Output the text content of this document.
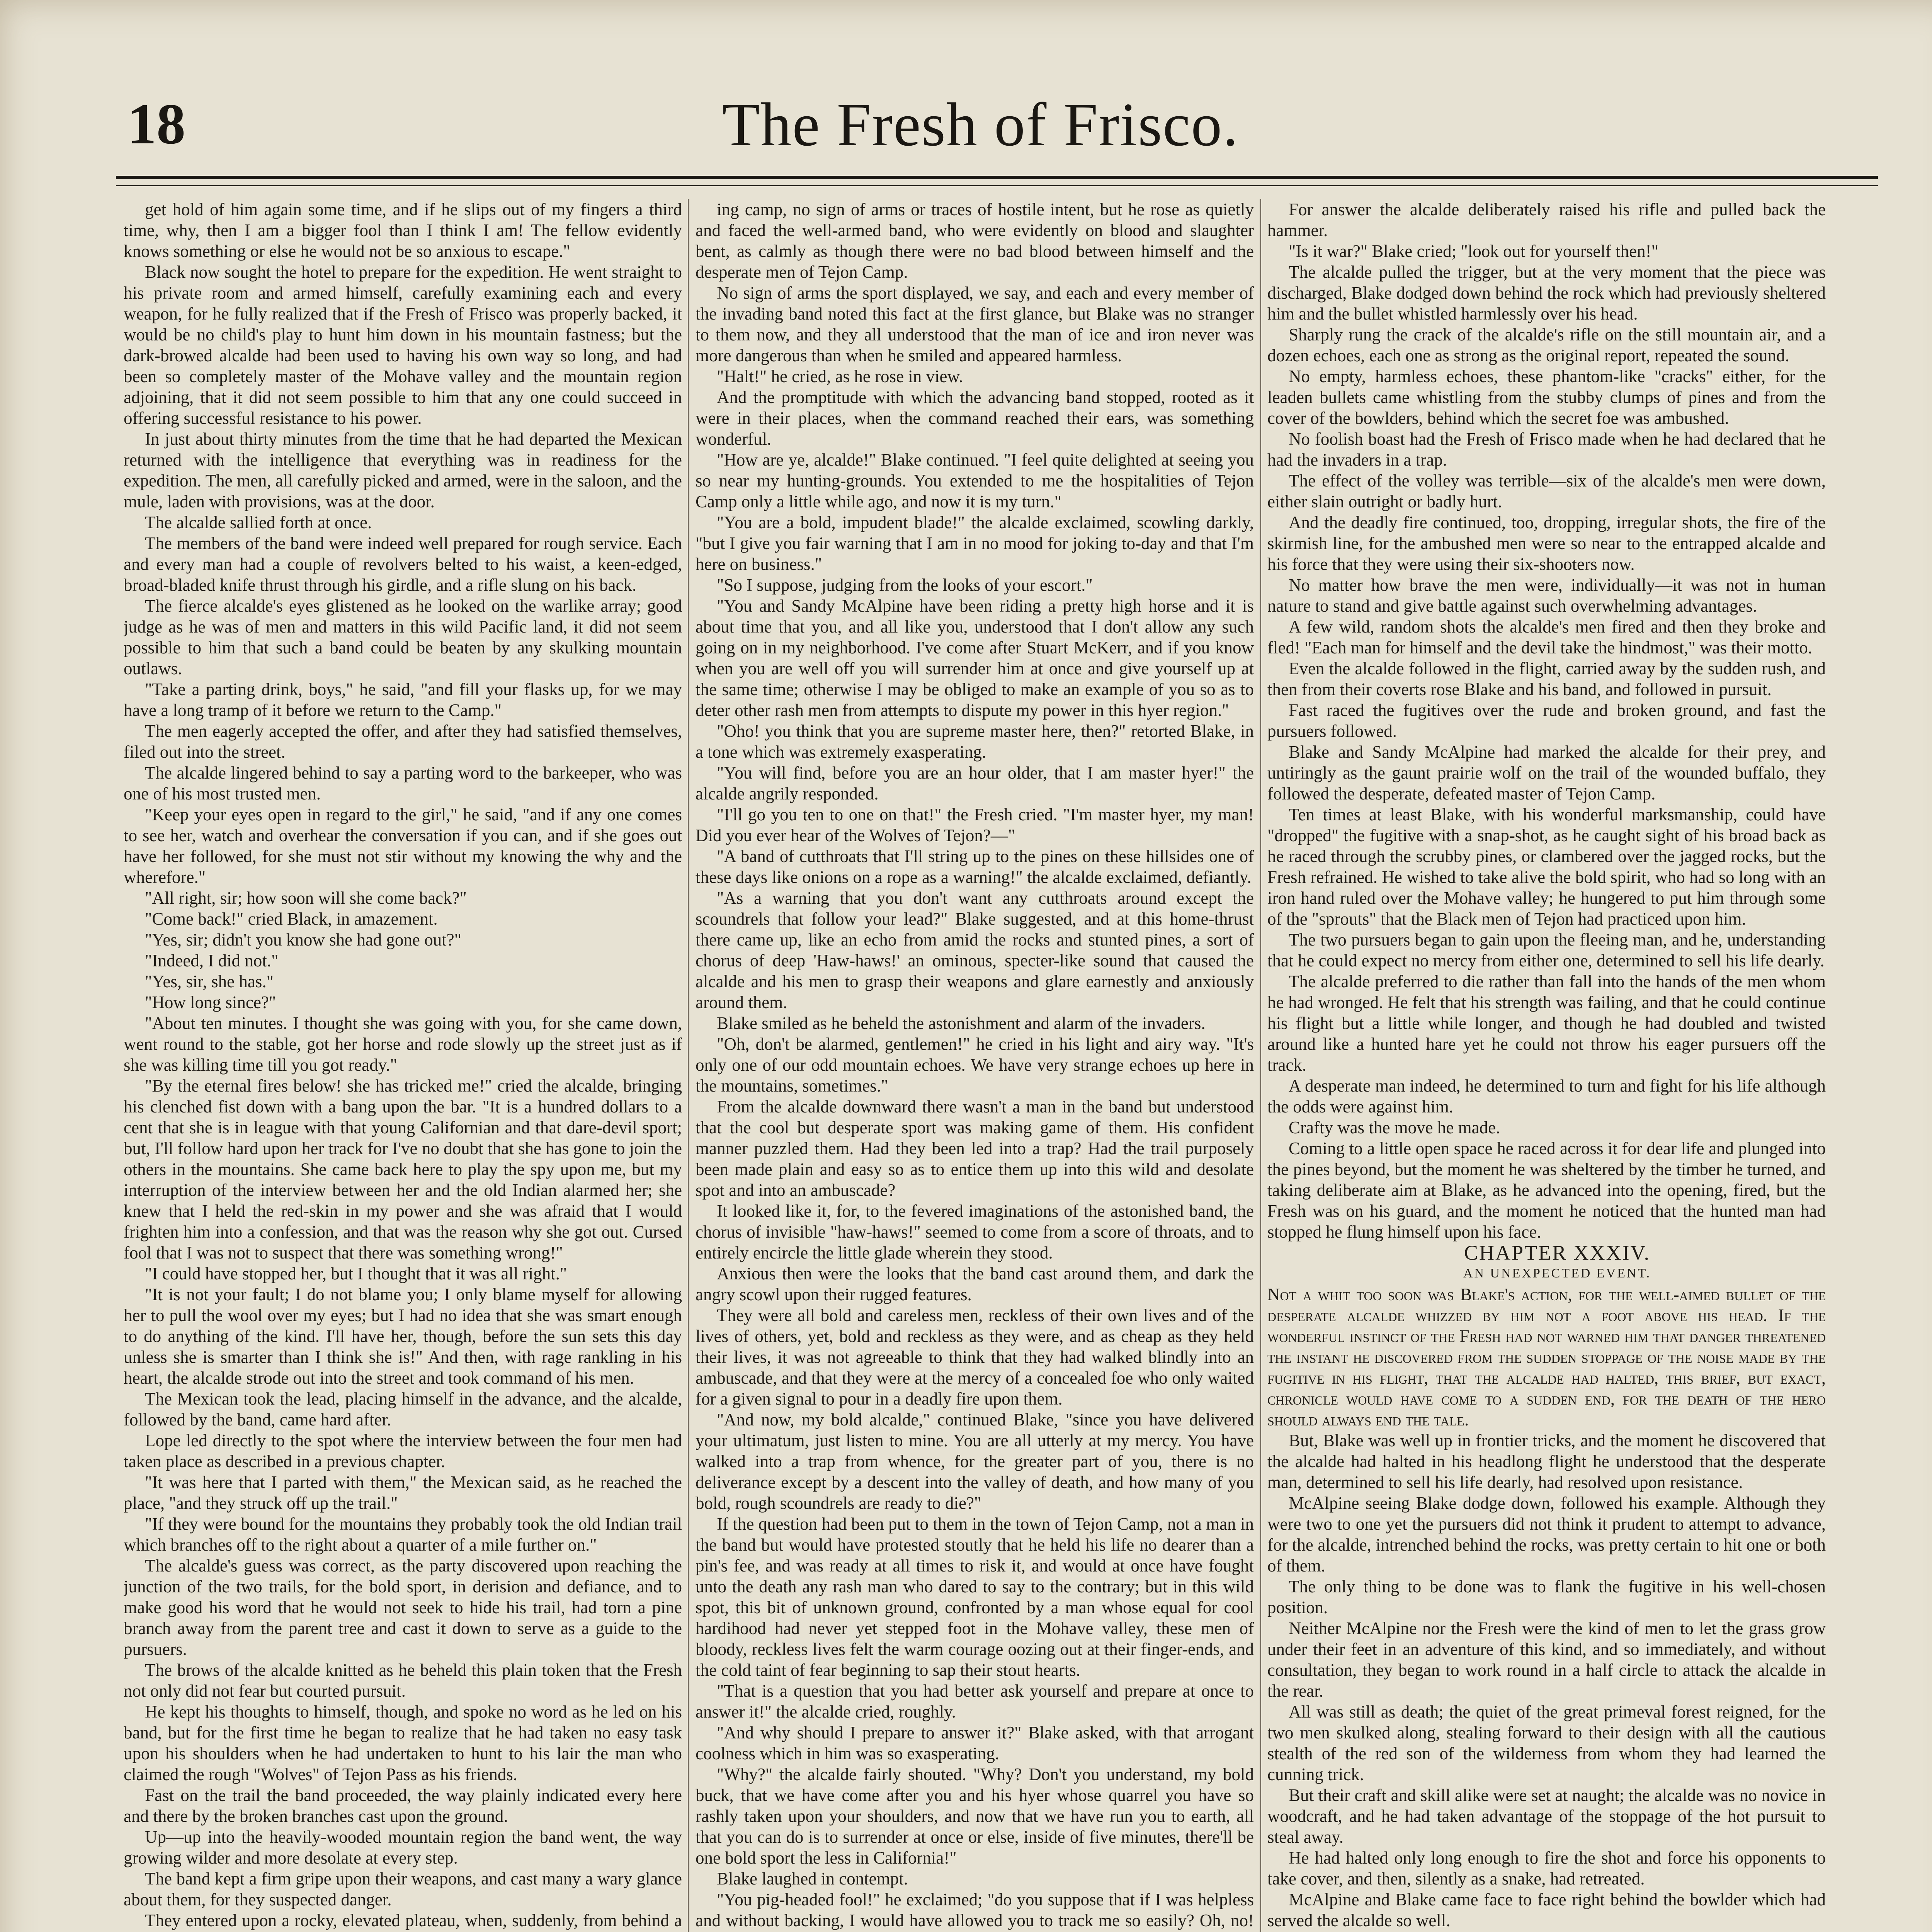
18	The Fresh of Frisco.

get hold of him again some time, and if he slips out of my fingers a third time, why, then I am a bigger fool than I think I am! The fellow evidently knows something or else he would not be so anxious to escape."

Black now sought the hotel to prepare for the expedition. He went straight to his private room and armed himself, carefully examining each and every weapon, for he fully realized that if the Fresh of Frisco was properly backed, it would be no child's play to hunt him down in his mountain fastness; but the dark-browed alcalde had been used to having his own way so long, and had been so completely master of the Mohave valley and the mountain region adjoining, that it did not seem possible to him that any one could succeed in offering successful resistance to his power.

In just about thirty minutes from the time that he had departed the Mexican returned with the intelligence that everything was in readiness for the expedition. The men, all carefully picked and armed, were in the saloon, and the mule, laden with provisions, was at the door.

The alcalde sallied forth at once.

The members of the band were indeed well prepared for rough service. Each and every man had a couple of revolvers belted to his waist, a keen-edged, broad-bladed knife thrust through his girdle, and a rifle slung on his back.

The fierce alcalde's eyes glistened as he looked on the warlike array; good judge as he was of men and matters in this wild Pacific land, it did not seem possible to him that such a band could be beaten by any skulking mountain outlaws.

"Take a parting drink, boys," he said, "and fill your flasks up, for we may have a long tramp of it before we return to the Camp."

The men eagerly accepted the offer, and after they had satisfied themselves, filed out into the street.

The alcalde lingered behind to say a parting word to the barkeeper, who was one of his most trusted men.

"Keep your eyes open in regard to the girl," he said, "and if any one comes to see her, watch and overhear the conversation if you can, and if she goes out have her followed, for she must not stir without my knowing the why and the wherefore."

"All right, sir; how soon will she come back?"

"Come back!" cried Black, in amazement.

"Yes, sir; didn't you know she had gone out?"

"Indeed, I did not."

"Yes, sir, she has."

"How long since?"

"About ten minutes. I thought she was going with you, for she came down, went round to the stable, got her horse and rode slowly up the street just as if she was killing time till you got ready."

"By the eternal fires below! she has tricked me!" cried the alcalde, bringing his clenched fist down with a bang upon the bar. "It is a hundred dollars to a cent that she is in league with that young Californian and that dare-devil sport; but, I'll follow hard upon her track for I've no doubt that she has gone to join the others in the mountains. She came back here to play the spy upon me, but my interruption of the interview between her and the old Indian alarmed her; she knew that I held the red-skin in my power and she was afraid that I would frighten him into a confession, and that was the reason why she got out. Cursed fool that I was not to suspect that there was something wrong!"

"I could have stopped her, but I thought that it was all right."

"It is not your fault; I do not blame you; I only blame myself for allowing her to pull the wool over my eyes; but I had no idea that she was smart enough to do anything of the kind. I'll have her, though, before the sun sets this day unless she is smarter than I think she is!" And then, with rage rankling in his heart, the alcalde strode out into the street and took command of his men.

The Mexican took the lead, placing himself in the advance, and the alcalde, followed by the band, came hard after.

Lope led directly to the spot where the interview between the four men had taken place as described in a previous chapter.

"It was here that I parted with them," the Mexican said, as he reached the place, "and they struck off up the trail."

"If they were bound for the mountains they probably took the old Indian trail which branches off to the right about a quarter of a mile further on."

The alcalde's guess was correct, as the party discovered upon reaching the junction of the two trails, for the bold sport, in derision and defiance, and to make good his word that he would not seek to hide his trail, had torn a pine branch away from the parent tree and cast it down to serve as a guide to the pursuers.

The brows of the alcalde knitted as he beheld this plain token that the Fresh not only did not fear but courted pursuit.

He kept his thoughts to himself, though, and spoke no word as he led on his band, but for the first time he began to realize that he had taken no easy task upon his shoulders when he had undertaken to hunt to his lair the man who claimed the rough "Wolves" of Tejon Pass as his friends.

Fast on the trail the band proceeded, the way plainly indicated every here and there by the broken branches cast upon the ground.

Up—up into the heavily-wooded mountain region the band went, the way growing wilder and more desolate at every step.

The band kept a firm gripe upon their weapons, and cast many a wary glance about them, for they suspected danger.

They entered upon a rocky, elevated plateau, when, suddenly, from behind a

ing camp, no sign of arms or traces of hostile intent, but he rose as quietly and faced the well-armed band, who were evidently on blood and slaughter bent, as calmly as though there were no bad blood between himself and the desperate men of Tejon Camp.

No sign of arms the sport displayed, we say, and each and every member of the invading band noted this fact at the first glance, but Blake was no stranger to them now, and they all understood that the man of ice and iron never was more dangerous than when he smiled and appeared harmless.

"Halt!" he cried, as he rose in view.

And the promptitude with which the advancing band stopped, rooted as it were in their places, when the command reached their ears, was something wonderful.

"How are ye, alcalde!" Blake continued. "I feel quite delighted at seeing you so near my hunting-grounds. You extended to me the hospitalities of Tejon Camp only a little while ago, and now it is my turn."

"You are a bold, impudent blade!" the alcalde exclaimed, scowling darkly, "but I give you fair warning that I am in no mood for joking to-day and that I'm here on business."

"So I suppose, judging from the looks of your escort."

"You and Sandy McAlpine have been riding a pretty high horse and it is about time that you, and all like you, understood that I don't allow any such going on in my neighborhood. I've come after Stuart McKerr, and if you know when you are well off you will surrender him at once and give yourself up at the same time; otherwise I may be obliged to make an example of you so as to deter other rash men from attempts to dispute my power in this hyer region."

"Oho! you think that you are supreme master here, then?" retorted Blake, in a tone which was extremely exasperating.

"You will find, before you are an hour older, that I am master hyer!" the alcalde angrily responded.

"I'll go you ten to one on that!" the Fresh cried. "I'm master hyer, my man! Did you ever hear of the Wolves of Tejon?—"

"A band of cutthroats that I'll string up to the pines on these hillsides one of these days like onions on a rope as a warning!" the alcalde exclaimed, defiantly.

"As a warning that you don't want any cutthroats around except the scoundrels that follow your lead?" Blake suggested, and at this home-thrust there came up, like an echo from amid the rocks and stunted pines, a sort of chorus of deep 'Haw-haws!' an ominous, specter-like sound that caused the alcalde and his men to grasp their weapons and glare earnestly and anxiously around them.

Blake smiled as he beheld the astonishment and alarm of the invaders.

"Oh, don't be alarmed, gentlemen!" he cried in his light and airy way. "It's only one of our odd mountain echoes. We have very strange echoes up here in the mountains, sometimes."

From the alcalde downward there wasn't a man in the band but understood that the cool but desperate sport was making game of them. His confident manner puzzled them. Had they been led into a trap? Had the trail purposely been made plain and easy so as to entice them up into this wild and desolate spot and into an ambuscade?

It looked like it, for, to the fevered imaginations of the astonished band, the chorus of invisible "haw-haws!" seemed to come from a score of throats, and to entirely encircle the little glade wherein they stood.

Anxious then were the looks that the band cast around them, and dark the angry scowl upon their rugged features.

They were all bold and careless men, reckless of their own lives and of the lives of others, yet, bold and reckless as they were, and as cheap as they held their lives, it was not agreeable to think that they had walked blindly into an ambuscade, and that they were at the mercy of a concealed foe who only waited for a given signal to pour in a deadly fire upon them.

"And now, my bold alcalde," continued Blake, "since you have delivered your ultimatum, just listen to mine. You are all utterly at my mercy. You have walked into a trap from whence, for the greater part of you, there is no deliverance except by a descent into the valley of death, and how many of you bold, rough scoundrels are ready to die?"

If the question had been put to them in the town of Tejon Camp, not a man in the band but would have protested stoutly that he held his life no dearer than a pin's fee, and was ready at all times to risk it, and would at once have fought unto the death any rash man who dared to say to the contrary; but in this wild spot, this bit of unknown ground, confronted by a man whose equal for cool hardihood had never yet stepped foot in the Mohave valley, these men of bloody, reckless lives felt the warm courage oozing out at their finger-ends, and the cold taint of fear beginning to sap their stout hearts.

"That is a question that you had better ask yourself and prepare at once to answer it!" the alcalde cried, roughly.

"And why should I prepare to answer it?" Blake asked, with that arrogant coolness which in him was so exasperating.

"Why?" the alcalde fairly shouted. "Why? Don't you understand, my bold buck, that we have come after you and his hyer whose quarrel you have so rashly taken upon your shoulders, and now that we have run you to earth, all that you can do is to surrender at once or else, inside of five minutes, there'll be one bold sport the less in California!"

Blake laughed in contempt.

"You pig-headed fool!" he exclaimed; "do you suppose that if I was helpless and without backing, I would have allowed you to track me so easily? Oh, no!

For answer the alcalde deliberately raised his rifle and pulled back the hammer.

"Is it war?" Blake cried; "look out for yourself then!"

The alcalde pulled the trigger, but at the very moment that the piece was discharged, Blake dodged down behind the rock which had previously sheltered him and the bullet whistled harmlessly over his head.

Sharply rung the crack of the alcalde's rifle on the still mountain air, and a dozen echoes, each one as strong as the original report, repeated the sound.

No empty, harmless echoes, these phantom-like "cracks" either, for the leaden bullets came whistling from the stubby clumps of pines and from the cover of the bowlders, behind which the secret foe was ambushed.

No foolish boast had the Fresh of Frisco made when he had declared that he had the invaders in a trap.

The effect of the volley was terrible—six of the alcalde's men were down, either slain outright or badly hurt.

And the deadly fire continued, too, dropping, irregular shots, the fire of the skirmish line, for the ambushed men were so near to the entrapped alcalde and his force that they were using their six-shooters now.

No matter how brave the men were, individually—it was not in human nature to stand and give battle against such overwhelming advantages.

A few wild, random shots the alcalde's men fired and then they broke and fled! "Each man for himself and the devil take the hindmost," was their motto.

Even the alcalde followed in the flight, carried away by the sudden rush, and then from their coverts rose Blake and his band, and followed in pursuit.

Fast raced the fugitives over the rude and broken ground, and fast the pursuers followed.

Blake and Sandy McAlpine had marked the alcalde for their prey, and untiringly as the gaunt prairie wolf on the trail of the wounded buffalo, they followed the desperate, defeated master of Tejon Camp.

Ten times at least Blake, with his wonderful marksmanship, could have "dropped" the fugitive with a snap-shot, as he caught sight of his broad back as he raced through the scrubby pines, or clambered over the jagged rocks, but the Fresh refrained. He wished to take alive the bold spirit, who had so long with an iron hand ruled over the Mohave valley; he hungered to put him through some of the "sprouts" that the Black men of Tejon had practiced upon him.

The two pursuers began to gain upon the fleeing man, and he, understanding that he could expect no mercy from either one, determined to sell his life dearly.

The alcalde preferred to die rather than fall into the hands of the men whom he had wronged. He felt that his strength was failing, and that he could continue his flight but a little while longer, and though he had doubled and twisted around like a hunted hare yet he could not throw his eager pursuers off the track.

A desperate man indeed, he determined to turn and fight for his life although the odds were against him.

Crafty was the move he made.

Coming to a little open space he raced across it for dear life and plunged into the pines beyond, but the moment he was sheltered by the timber he turned, and taking deliberate aim at Blake, as he advanced into the opening, fired, but the Fresh was on his guard, and the moment he noticed that the hunted man had stopped he flung himself upon his face.

CHAPTER XXXIV.

AN UNEXPECTED EVENT.

Not a whit too soon was Blake's action, for the well-aimed bullet of the desperate alcalde whizzed by him not a foot above his head. If the wonderful instinct of the Fresh had not warned him that danger threatened the instant he discovered from the sudden stoppage of the noise made by the fugitive in his flight, that the alcalde had halted, this brief, but exact, chronicle would have come to a sudden end, for the death of the hero should always end the tale.

But, Blake was well up in frontier tricks, and the moment he discovered that the alcalde had halted in his headlong flight he understood that the desperate man, determined to sell his life dearly, had resolved upon resistance.

McAlpine seeing Blake dodge down, followed his example. Although they were two to one yet the pursuers did not think it prudent to attempt to advance, for the alcalde, intrenched behind the rocks, was pretty certain to hit one or both of them.

The only thing to be done was to flank the fugitive in his well-chosen position.

Neither McAlpine nor the Fresh were the kind of men to let the grass grow under their feet in an adventure of this kind, and so immediately, and without consultation, they began to work round in a half circle to attack the alcalde in the rear.

All was still as death; the quiet of the great primeval forest reigned, for the two men skulked along, stealing forward to their design with all the cautious stealth of the red son of the wilderness from whom they had learned the cunning trick.

But their craft and skill alike were set at naught; the alcalde was no novice in woodcraft, and he had taken advantage of the stoppage of the hot pursuit to steal away.

He had halted only long enough to fire the shot and force his opponents to take cover, and then, silently as a snake, had retreated.

McAlpine and Blake came face to face right behind the bowlder which had served the alcalde so well.
